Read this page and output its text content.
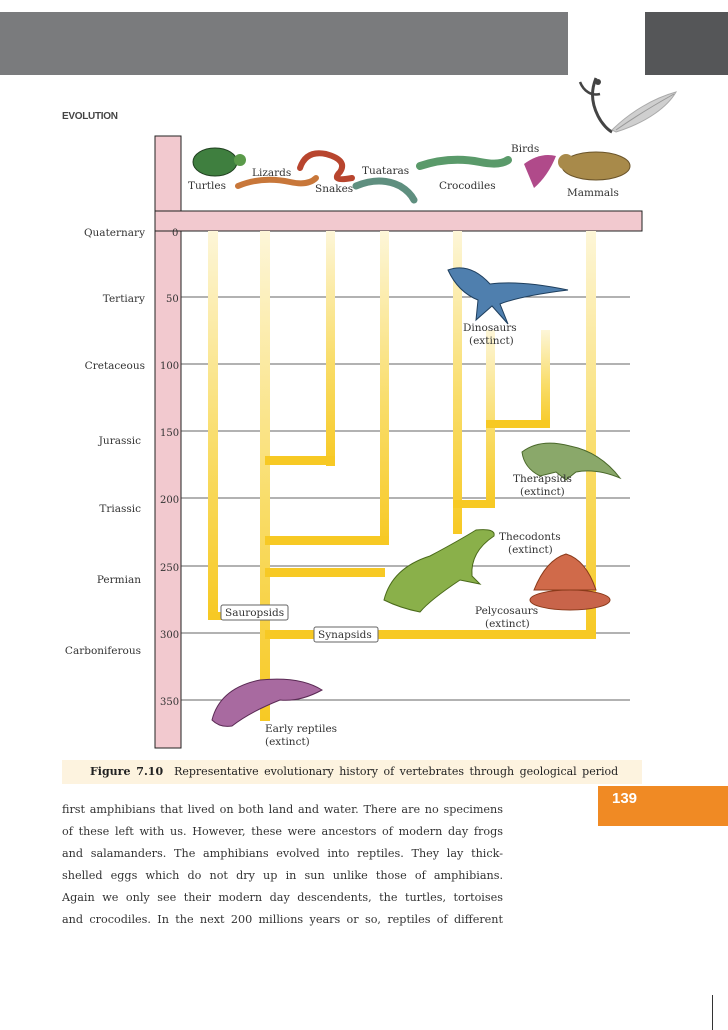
EVOLUTION
Quaternary
Tertiary
Cretaceous
Jurassic
Triassic
Permian
Carboniferous
0
50
100
150
200
250
300
350
Birds
Lizards	Tuataras
Turtles	Snakes	Crocodiles
Mammals
Dinosaurs
(extinct)
Therapsids
(extinct)
Thecodonts
(extinct)
Pelycosaurs
(extinct)
Early reptiles
(extinct)
Sauropsids
Synapsids
Figure 7.10 Representative evolutionary history of vertebrates through geological period
139
first amphibians that lived on both land and water. There are no specimens
of these left with us. However, these were ancestors of modern day frogs
and salamanders. The amphibians evolved into reptiles. They lay thick-
shelled eggs which do not dry up in sun unlike those of amphibians.
Again we only see their modern day descendents, the turtles, tortoises
and crocodiles. In the next 200 millions years or so, reptiles of different
